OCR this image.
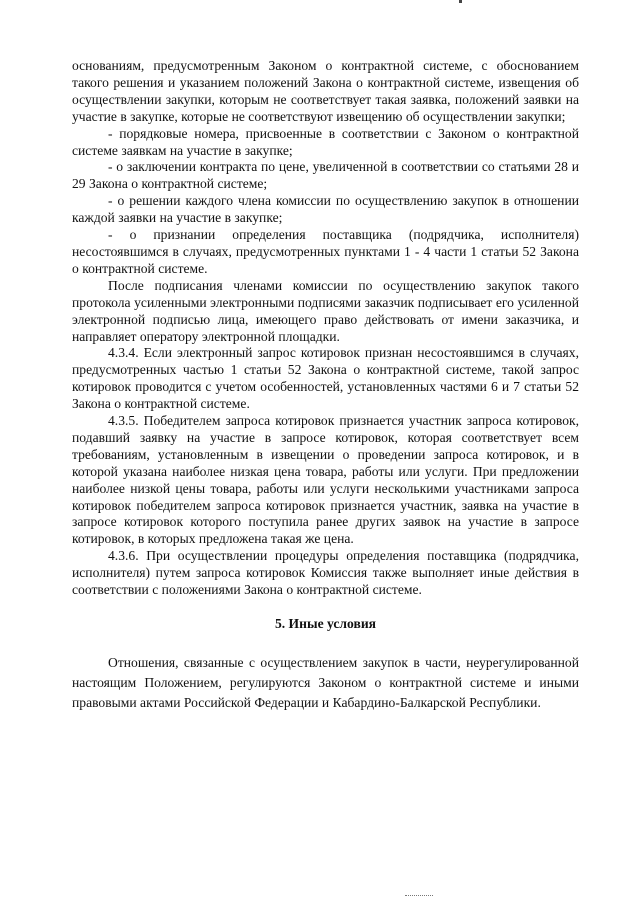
основаниям, предусмотренным Законом о контрактной системе, с обоснованием такого решения и указанием положений Закона о контрактной системе, извещения об осуществлении закупки, которым не соответствует такая заявка, положений заявки на участие в закупке, которые не соответствуют извещению об осуществлении закупки;

- порядковые номера, присвоенные в соответствии с Законом о контрактной системе заявкам на участие в закупке;

- о заключении контракта по цене, увеличенной в соответствии со статьями 28 и 29 Закона о контрактной системе;

- о решении каждого члена комиссии по осуществлению закупок в отношении каждой заявки на участие в закупке;

- о признании определения поставщика (подрядчика, исполнителя) несостоявшимся в случаях, предусмотренных пунктами 1 - 4 части 1 статьи 52 Закона о контрактной системе.

После подписания членами комиссии по осуществлению закупок такого протокола усиленными электронными подписями заказчик подписывает его усиленной электронной подписью лица, имеющего право действовать от имени заказчика, и направляет оператору электронной площадки.

4.3.4. Если электронный запрос котировок признан несостоявшимся в случаях, предусмотренных частью 1 статьи 52 Закона о контрактной системе, такой запрос котировок проводится с учетом особенностей, установленных частями 6 и 7 статьи 52 Закона о контрактной системе.

4.3.5. Победителем запроса котировок признается участник запроса котировок, подавший заявку на участие в запросе котировок, которая соответствует всем требованиям, установленным в извещении о проведении запроса котировок, и в которой указана наиболее низкая цена товара, работы или услуги. При предложении наиболее низкой цены товара, работы или услуги несколькими участниками запроса котировок победителем запроса котировок признается участник, заявка на участие в запросе котировок которого поступила ранее других заявок на участие в запросе котировок, в которых предложена такая же цена.

4.3.6. При осуществлении процедуры определения поставщика (подрядчика, исполнителя) путем запроса котировок Комиссия также выполняет иные действия в соответствии с положениями Закона о контрактной системе.

5. Иные условия

Отношения, связанные с осуществлением закупок в части, неурегулированной настоящим Положением, регулируются Законом о контрактной системе и иными правовыми актами Российской Федерации и Кабардино-Балкарской Республики.
